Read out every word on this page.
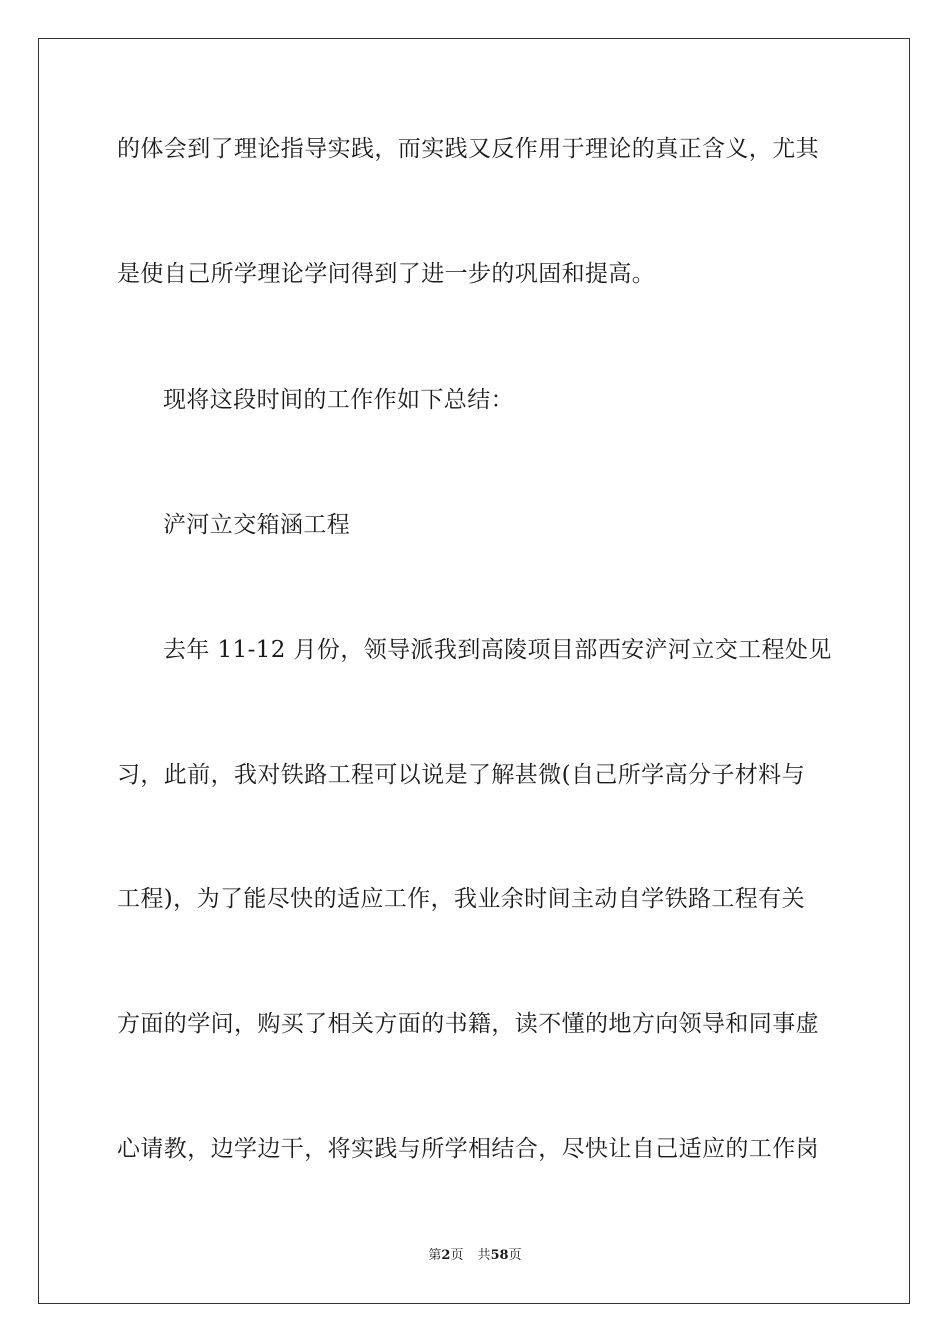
的体会到了理论指导实践，而实践又反作用于理论的真正含义，尤其
是使自己所学理论学问得到了进一步的巩固和提高。
现将这段时间的工作作如下总结：
浐河立交箱涵工程
去年 11-12 月份，领导派我到高陵项目部西安浐河立交工程处见
习，此前，我对铁路工程可以说是了解甚微(自己所学高分子材料与
工程)，为了能尽快的适应工作，我业余时间主动自学铁路工程有关
方面的学问，购买了相关方面的书籍，读不懂的地方向领导和同事虚
心请教，边学边干，将实践与所学相结合，尽快让自己适应的工作岗
第2页 共58页
